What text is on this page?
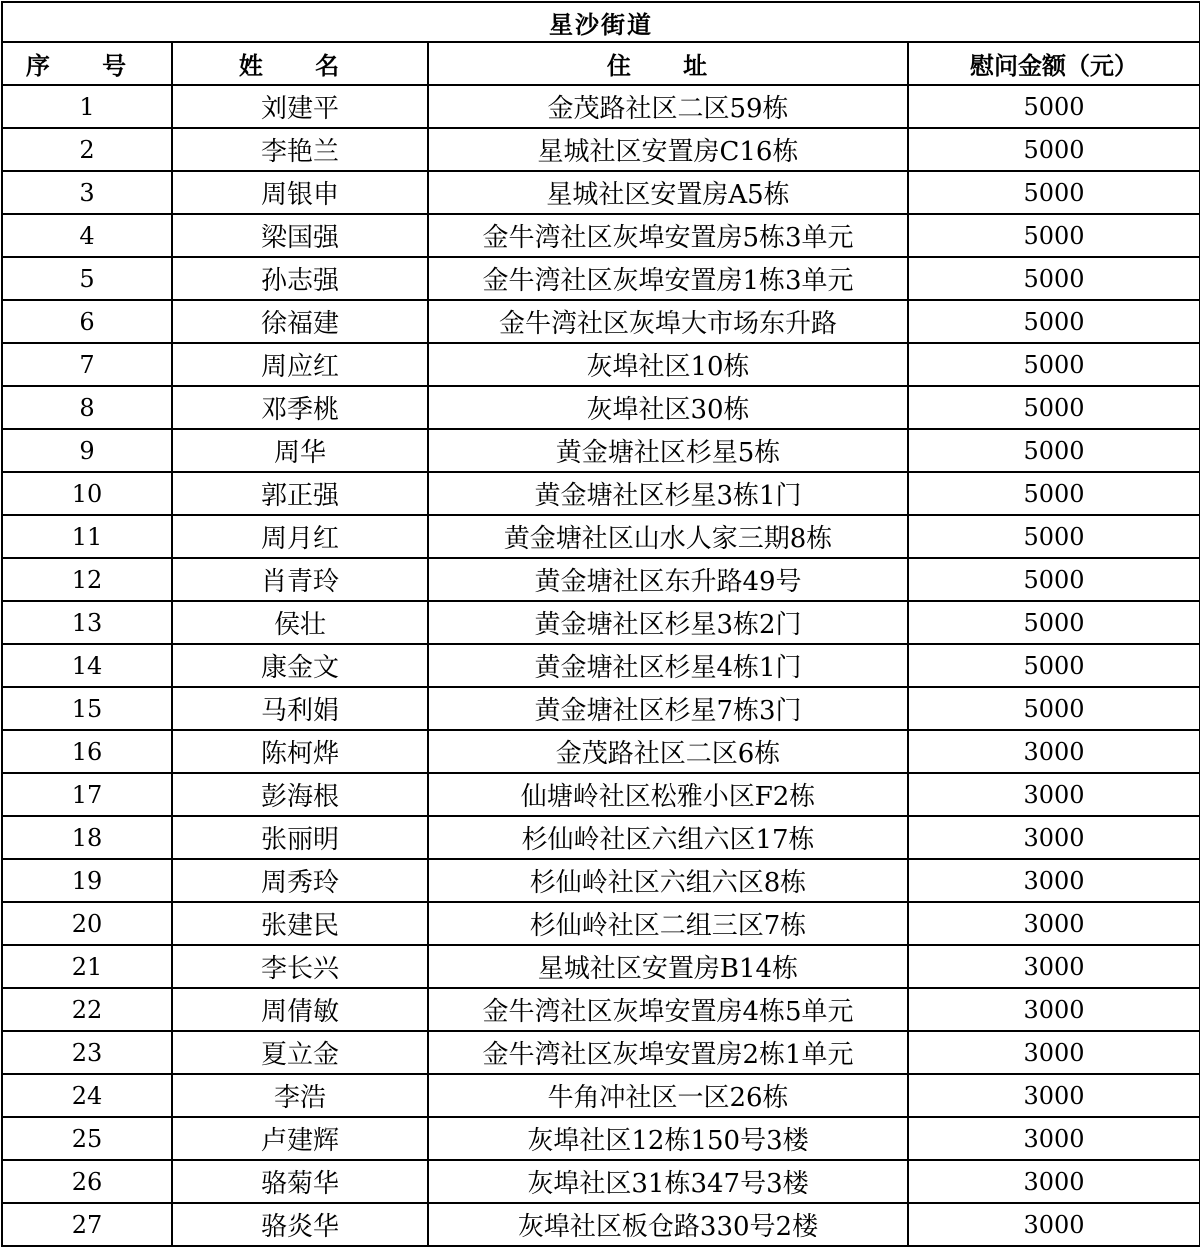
星沙街道			
序 号	姓 名	住 址	慰问金额（元）
1	刘建平	金茂路社区二区59栋	5000
2	李艳兰	星城社区安置房C16栋	5000
3	周银申	星城社区安置房A5栋	5000
4	梁国强	金牛湾社区灰埠安置房5栋3单元	5000
5	孙志强	金牛湾社区灰埠安置房1栋3单元	5000
6	徐福建	金牛湾社区灰埠大市场东升路	5000
7	周应红	灰埠社区10栋	5000
8	邓季桃	灰埠社区30栋	5000
9	周华	黄金塘社区杉星5栋	5000
10	郭正强	黄金塘社区杉星3栋1门	5000
11	周月红	黄金塘社区山水人家三期8栋	5000
12	肖青玲	黄金塘社区东升路49号	5000
13	侯壮	黄金塘社区杉星3栋2门	5000
14	康金文	黄金塘社区杉星4栋1门	5000
15	马利娟	黄金塘社区杉星7栋3门	5000
16	陈柯烨	金茂路社区二区6栋	3000
17	彭海根	仙塘岭社区松雅小区F2栋	3000
18	张丽明	杉仙岭社区六组六区17栋	3000
19	周秀玲	杉仙岭社区六组六区8栋	3000
20	张建民	杉仙岭社区二组三区7栋	3000
21	李长兴	星城社区安置房B14栋	3000
22	周倩敏	金牛湾社区灰埠安置房4栋5单元	3000
23	夏立金	金牛湾社区灰埠安置房2栋1单元	3000
24	李浩	牛角冲社区一区26栋	3000
25	卢建辉	灰埠社区12栋150号3楼	3000
26	骆菊华	灰埠社区31栋347号3楼	3000
27	骆炎华	灰埠社区板仓路330号2楼	3000
